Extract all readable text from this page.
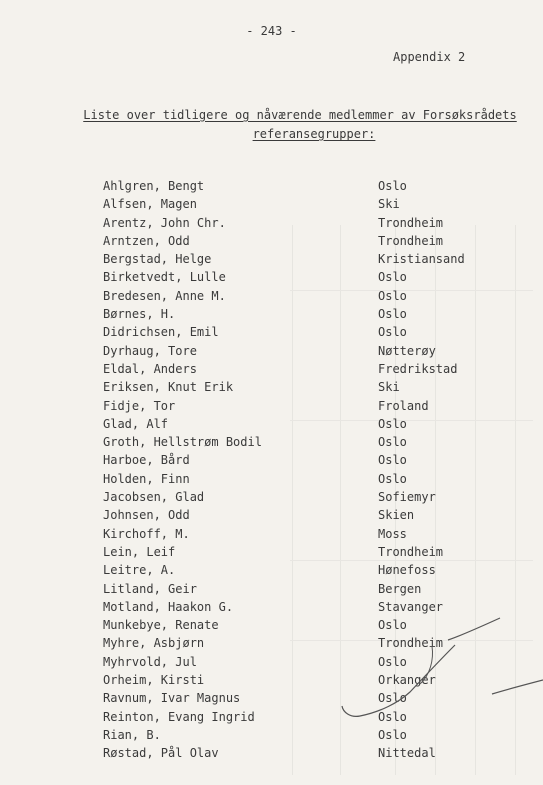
- 243 -
Appendix 2
Liste over tidligere og nåværende medlemmer av Forsøksrådets
referansegrupper:
Ahlgren, Bengt	Oslo
Alfsen, Magen	Ski
Arentz, John Chr.	Trondheim
Arntzen, Odd	Trondheim
Bergstad, Helge	Kristiansand
Birketvedt, Lulle	Oslo
Bredesen, Anne M.	Oslo
Børnes, H.	Oslo
Didrichsen, Emil	Oslo
Dyrhaug, Tore	Nøtterøy
Eldal, Anders	Fredrikstad
Eriksen, Knut Erik	Ski
Fidje, Tor	Froland
Glad, Alf	Oslo
Groth, Hellstrøm Bodil	Oslo
Harboe, Bård	Oslo
Holden, Finn	Oslo
Jacobsen, Glad	Sofiemyr
Johnsen, Odd	Skien
Kirchoff, M.	Moss
Lein, Leif	Trondheim
Leitre, A.	Hønefoss
Litland, Geir	Bergen
Motland, Haakon G.	Stavanger
Munkebye, Renate	Oslo
Myhre, Asbjørn	Trondheim
Myhrvold, Jul	Oslo
Orheim, Kirsti	Orkanger
Ravnum, Ivar Magnus	Oslo
Reinton, Evang Ingrid	Oslo
Rian, B.	Oslo
Røstad, Pål Olav	Nittedal
